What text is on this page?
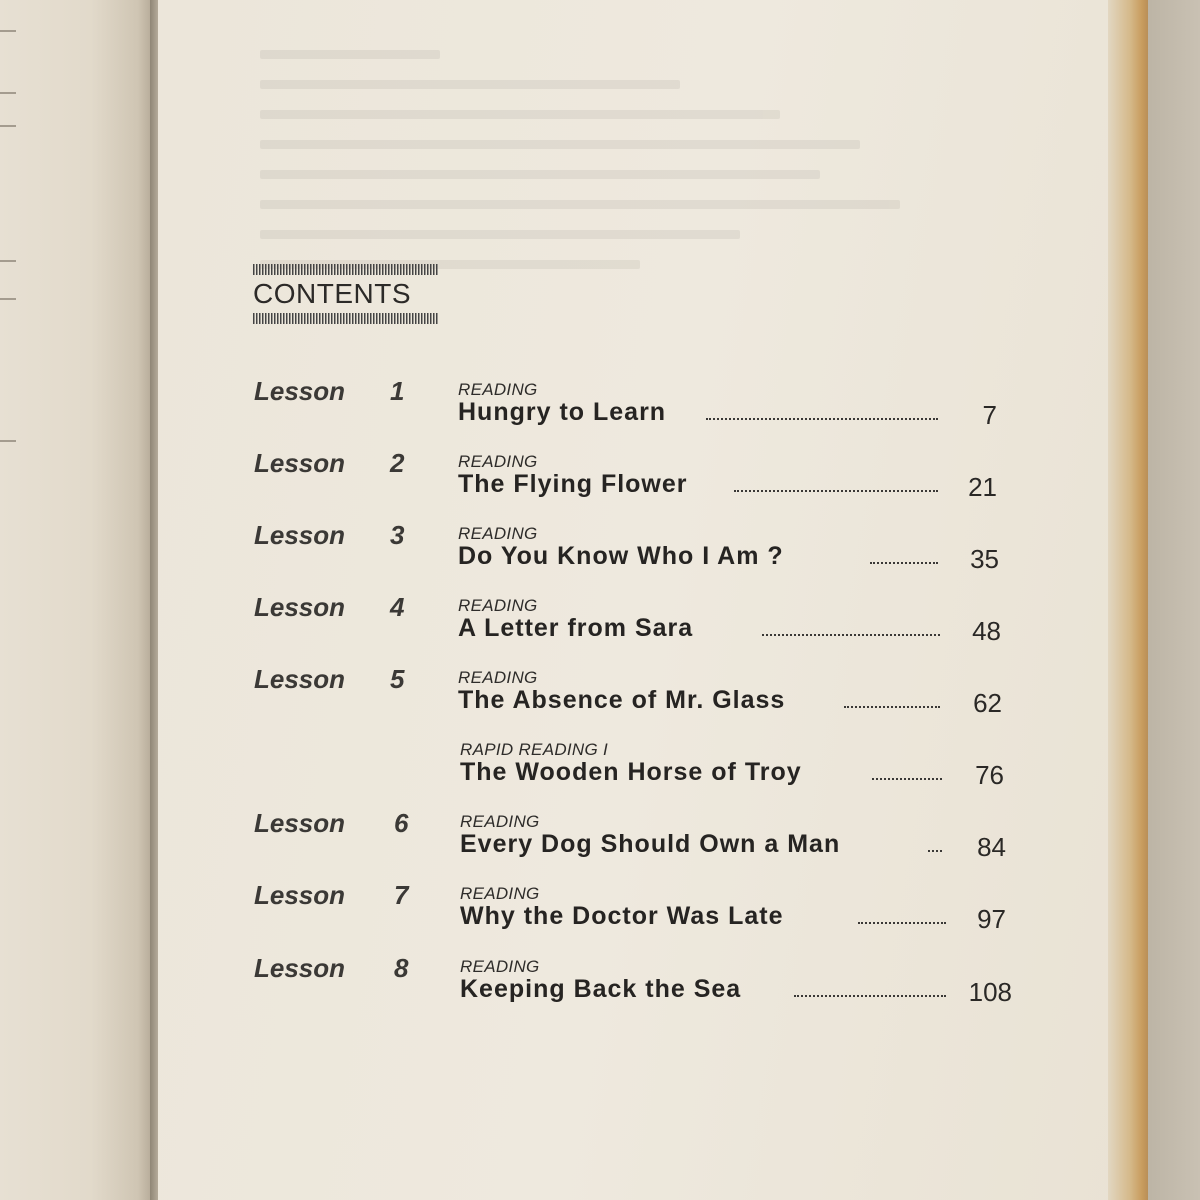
CONTENTS
Lesson 1	READING
Hungry to Learn	7
Lesson 2	READING
The Flying Flower	21
Lesson 3	READING
Do You Know Who I Am ?	35
Lesson 4	READING
A Letter from Sara	48
Lesson 5	READING
The Absence of Mr. Glass	62
RAPID READING I
The Wooden Horse of Troy	76
Lesson 6	READING
Every Dog Should Own a Man	84
Lesson 7	READING
Why the Doctor Was Late	97
Lesson 8	READING
Keeping Back the Sea	108
